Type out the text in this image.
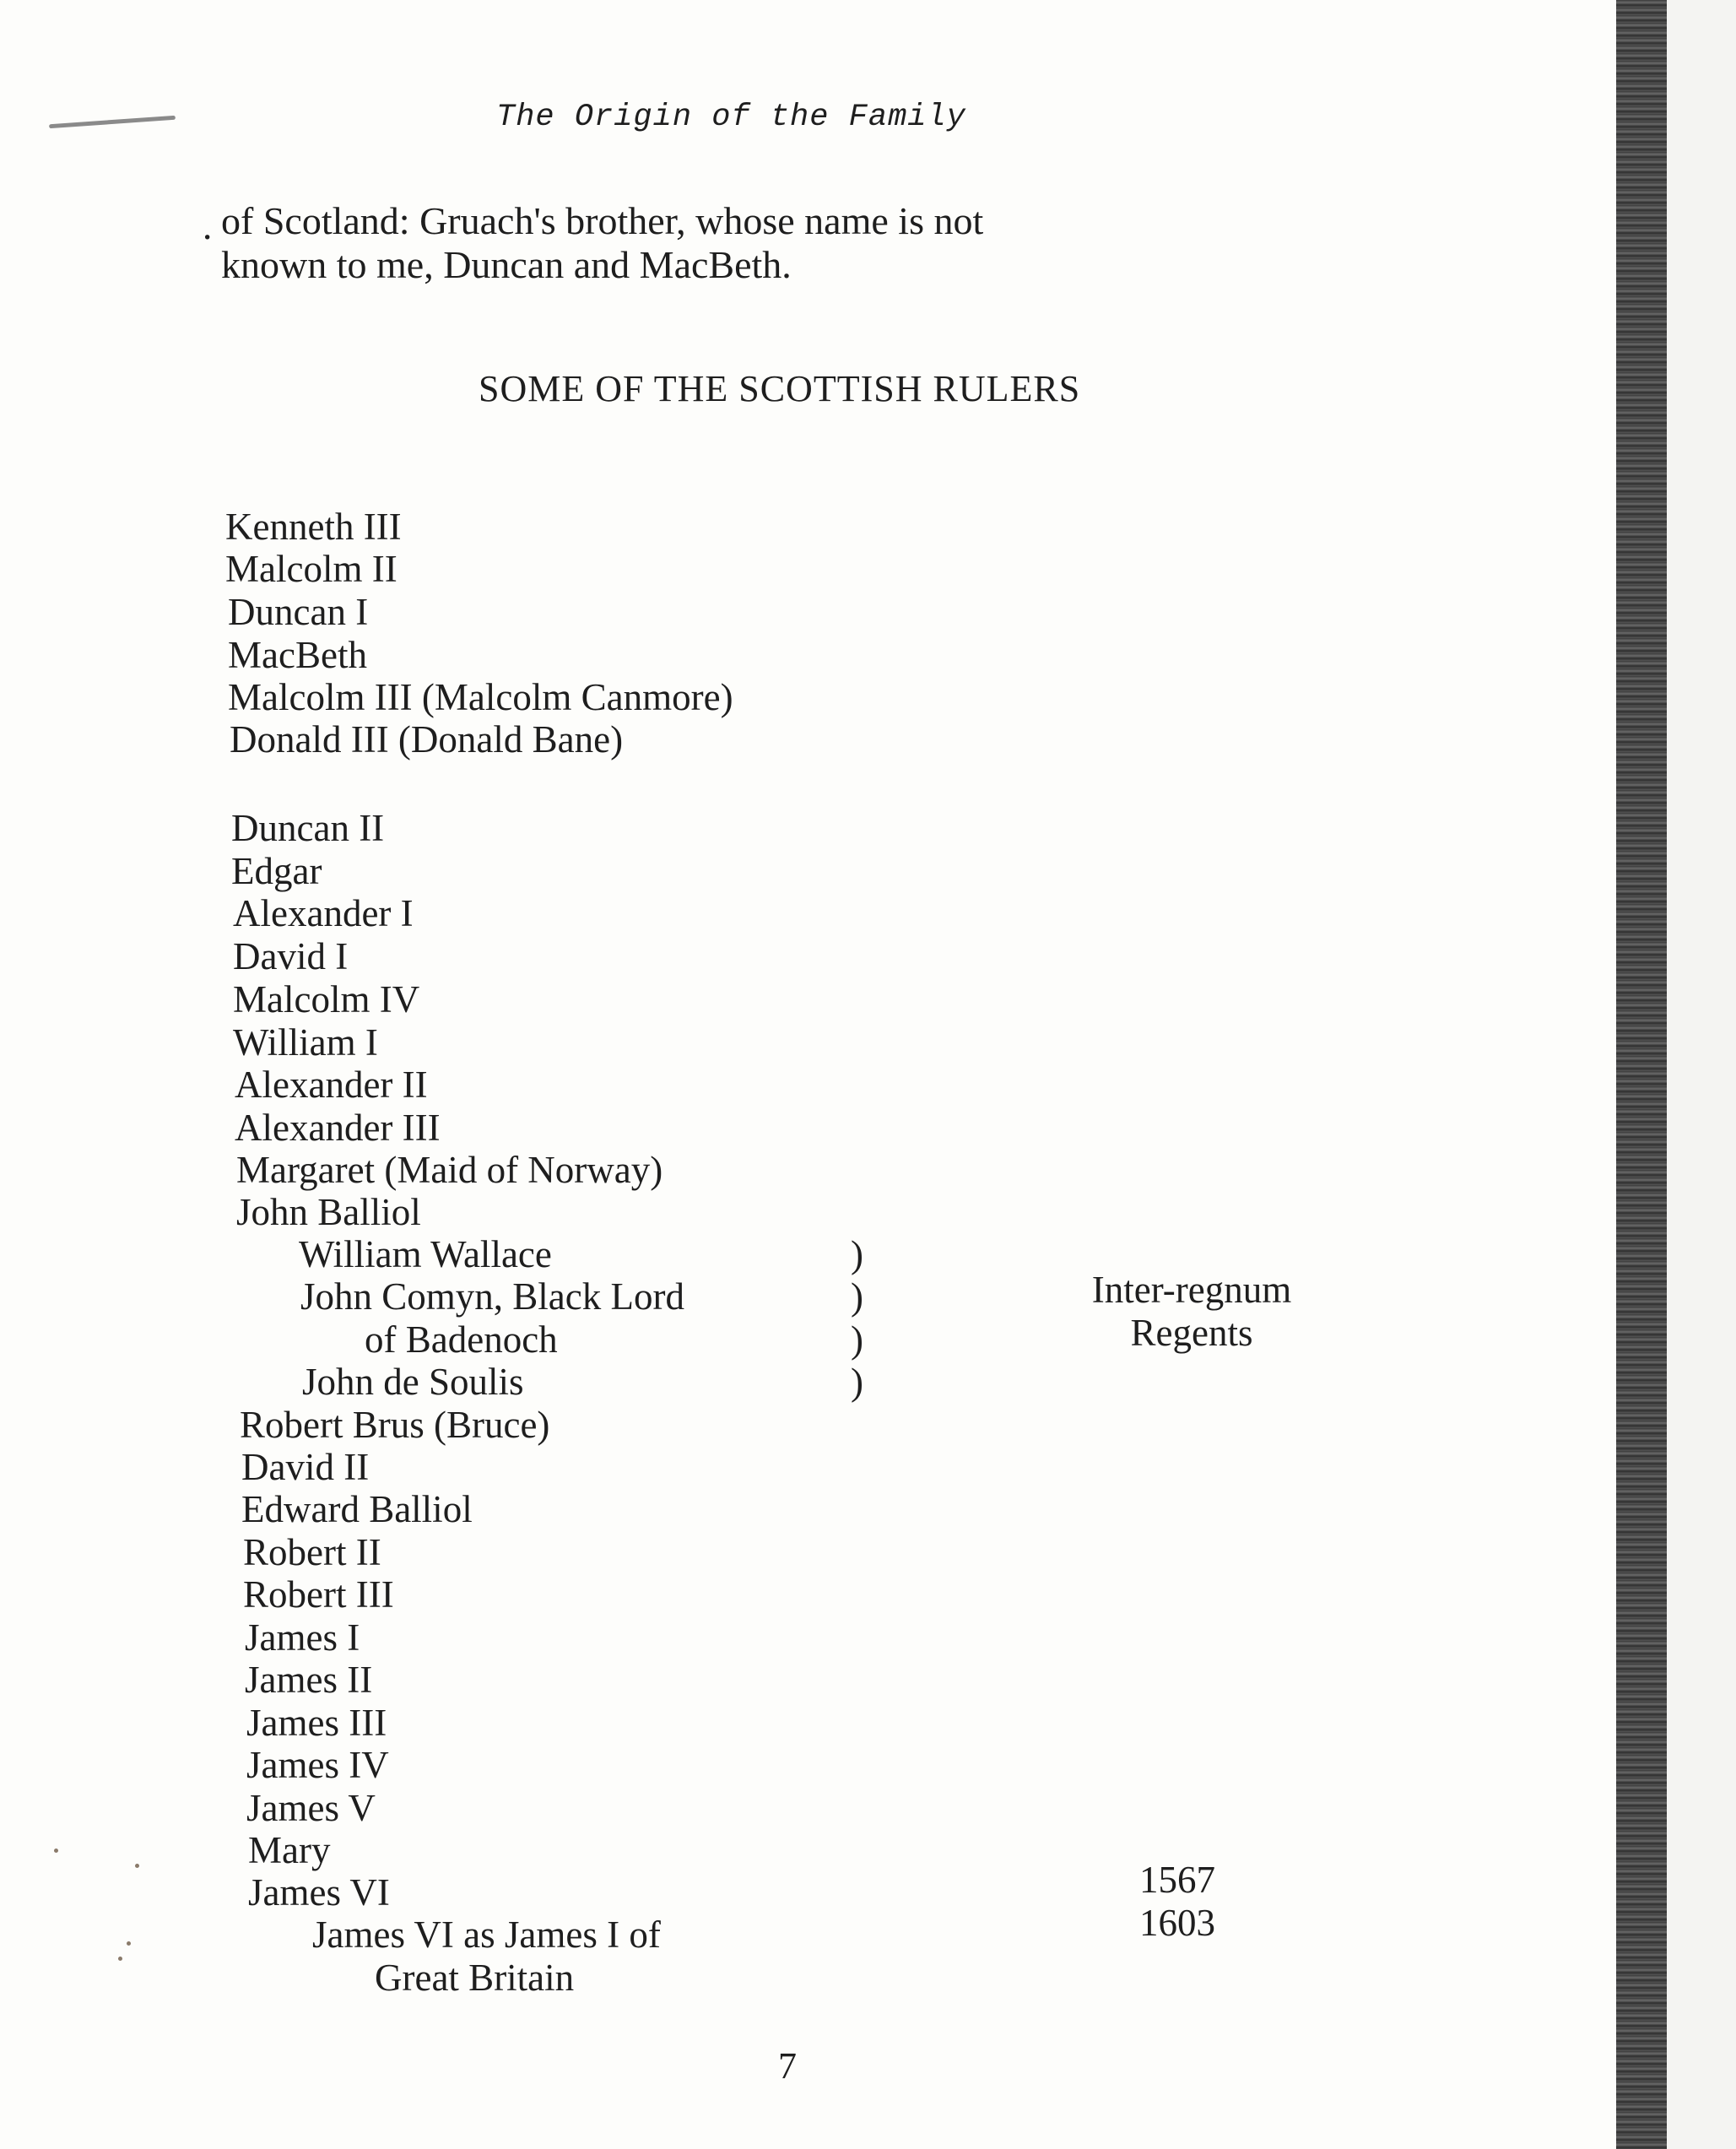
The Origin of the Family
· of Scotland: Gruach's brother, whose name is not
known to me, Duncan and MacBeth.
SOME OF THE SCOTTISH RULERS
Kenneth III
Malcolm II
Duncan I
MacBeth
Malcolm III (Malcolm Canmore)
Donald III (Donald Bane)
Duncan II
Edgar
Alexander I
David I
Malcolm IV
William I
Alexander II
Alexander III
Margaret (Maid of Norway)
John Balliol
William Wallace
John Comyn, Black Lord
of Badenoch
John de Soulis
Robert Brus (Bruce)
David II
Edward Balliol
Robert II
Robert III
James I
James II
James III
James IV
James V
Mary
James VI
James VI as James I of
Great Britain
)
)
)
)
Inter-regnum
Regents
1567
1603
7
